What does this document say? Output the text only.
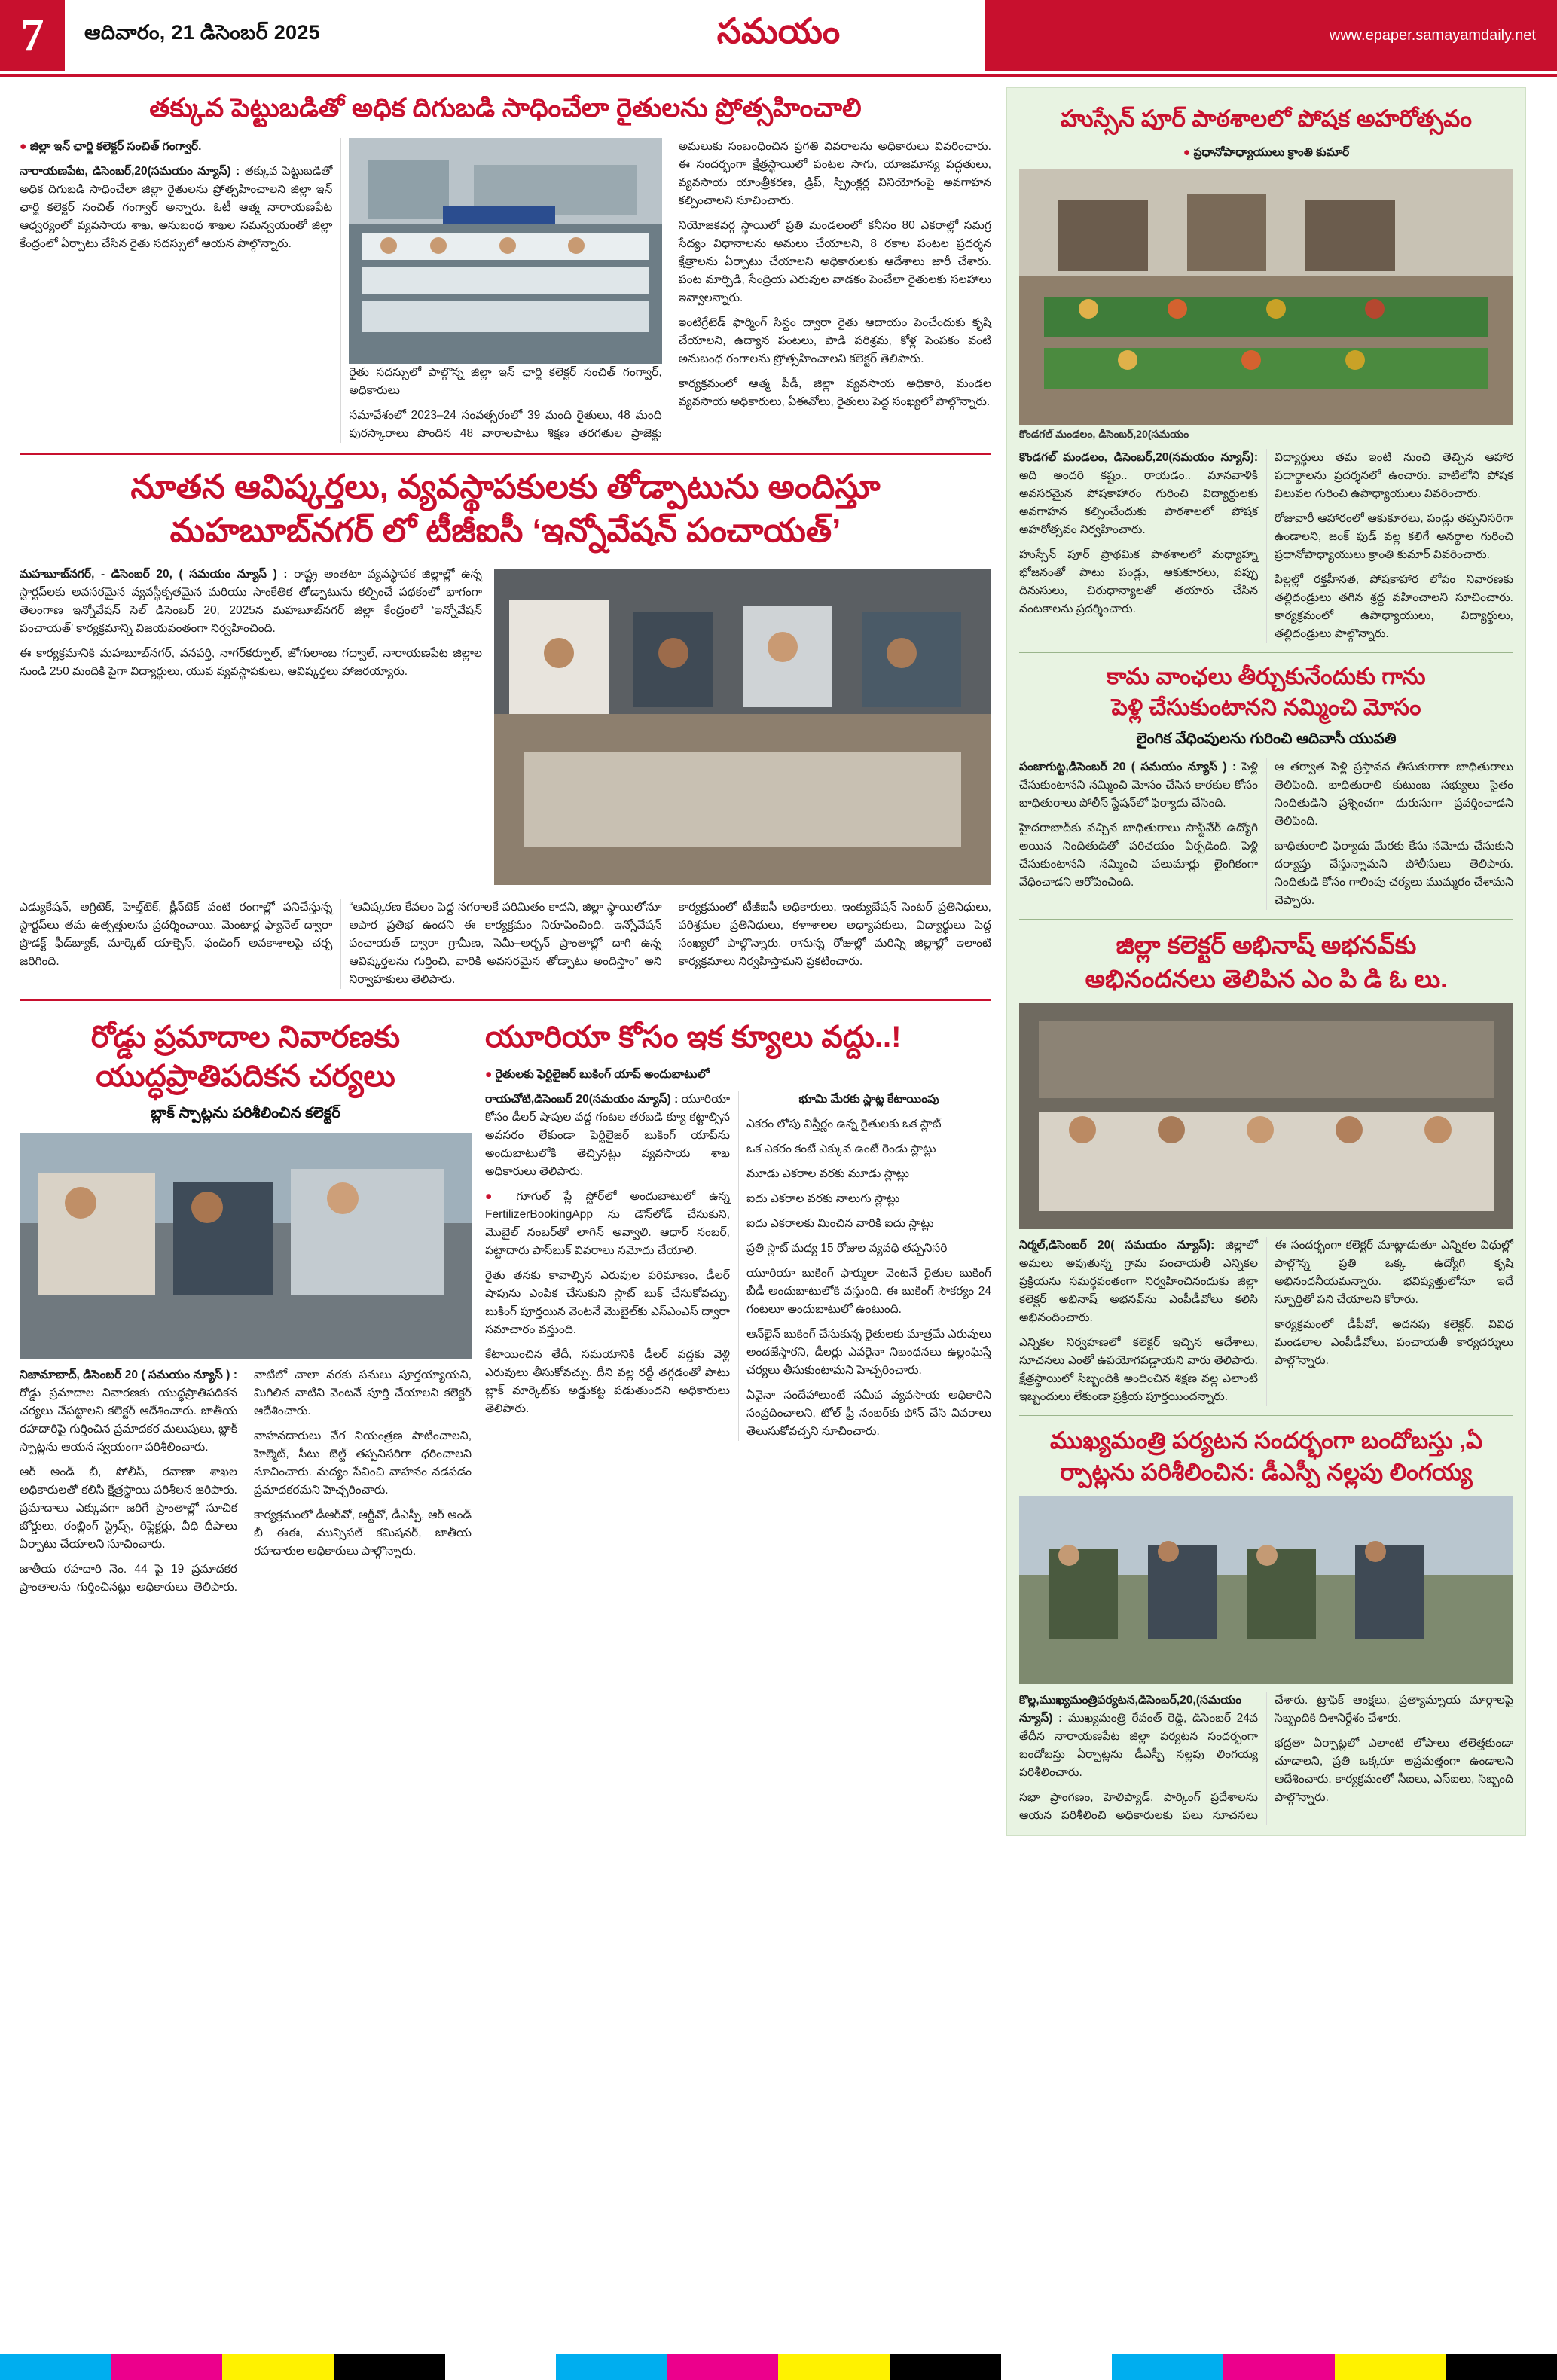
7	ఆదివారం, 21 డిసెంబర్ 2025	సమయం	www.epaper.samayamdaily.net
తక్కువ పెట్టుబడితో అధిక దిగుబడి సాధించేలా రైతులను ప్రోత్సహించాలి

● జిల్లా ఇన్ ఛార్జి కలెక్టర్ సంచిత్ గంగ్వార్.

నారాయణపేట, డిసెంబర్,20(సమయం న్యూస్) : తక్కువ పెట్టుబడితో అధిక దిగుబడి సాధించేలా జిల్లా రైతులను ప్రోత్సహించాలని జిల్లా ఇన్ ఛార్జి కలెక్టర్ సంచిత్ గంగ్వార్ అన్నారు. ఓటీ ఆత్మ నారాయణపేట ఆధ్వర్యంలో వ్యవసాయ శాఖ, అనుబంధ శాఖల సమన్వయంతో జిల్లా కేంద్రంలో ఏర్పాటు చేసిన రైతు సదస్సులో ఆయన పాల్గొన్నారు.

రైతు సదస్సులో పాల్గొన్న జిల్లా ఇన్ ఛార్జి కలెక్టర్ సంచిత్ గంగ్వార్, అధికారులు

సమావేశంలో 2023–24 సంవత్సరంలో 39 మంది రైతులు, 48 మంది పురస్కారాలు పొందిన 48 వారాలపాటు శిక్షణ తరగతుల ప్రాజెక్టు అమలుకు సంబంధించిన ప్రగతి వివరాలను అధికారులు వివరించారు. ఈ సందర్భంగా క్షేత్రస్థాయిలో పంటల సాగు, యాజమాన్య పద్ధతులు, వ్యవసాయ యాంత్రీకరణ, డ్రిప్, స్ప్రింక్లర్ల వినియోగంపై అవగాహన కల్పించాలని సూచించారు.

నియోజకవర్గ స్థాయిలో ప్రతి మండలంలో కనీసం 80 ఎకరాల్లో సమగ్ర సేద్యం విధానాలను అమలు చేయాలని, 8 రకాల పంటల ప్రదర్శన క్షేత్రాలను ఏర్పాటు చేయాలని అధికారులకు ఆదేశాలు జారీ చేశారు. పంట మార్పిడి, సేంద్రియ ఎరువుల వాడకం పెంచేలా రైతులకు సలహాలు ఇవ్వాలన్నారు.

ఇంటిగ్రేటెడ్ ఫార్మింగ్ సిస్టం ద్వారా రైతు ఆదాయం పెంచేందుకు కృషి చేయాలని, ఉద్యాన పంటలు, పాడి పరిశ్రమ, కోళ్ల పెంపకం వంటి అనుబంధ రంగాలను ప్రోత్సహించాలని కలెక్టర్ తెలిపారు.

కార్యక్రమంలో ఆత్మ పీడీ, జిల్లా వ్యవసాయ అధికారి, మండల వ్యవసాయ అధికారులు, ఏఈవోలు, రైతులు పెద్ద సంఖ్యలో పాల్గొన్నారు.

నూతన ఆవిష్కర్తలు, వ్యవస్థాపకులకు తోడ్పాటును అందిస్తూ
మహబూబ్‌నగర్ లో టీజీఐసీ ‘ఇన్నోవేషన్ పంచాయత్’

మహబూబ్‌నగర్, - డిసెంబర్ 20, ( సమయం న్యూస్ ) : రాష్ట్ర అంతటా వ్యవస్థాపక జిల్లాల్లో ఉన్న స్టార్టప్‌లకు అవసరమైన వ్యవస్థీకృతమైన మరియు సాంకేతిక తోడ్పాటును కల్పించే పథకంలో భాగంగా తెలంగాణ ఇన్నోవేషన్ సెల్ డిసెంబర్ 20, 2025న మహబూబ్‌నగర్ జిల్లా కేంద్రంలో ‘ఇన్నోవేషన్ పంచాయత్’ కార్యక్రమాన్ని విజయవంతంగా నిర్వహించింది.

ఈ కార్యక్రమానికి మహబూబ్‌నగర్, వనపర్తి, నాగర్‌కర్నూల్, జోగులాంబ గద్వాల్, నారాయణపేట జిల్లాల నుండి 250 మందికి పైగా విద్యార్థులు, యువ వ్యవస్థాపకులు, ఆవిష్కర్తలు హాజరయ్యారు.

ఎడ్యుకేషన్, అగ్రిటెక్, హెల్త్‌టెక్, క్లీన్‌టెక్ వంటి రంగాల్లో పనిచేస్తున్న స్టార్టప్‌లు తమ ఉత్పత్తులను ప్రదర్శించాయి. మెంటార్ల ఫ్యానెల్ ద్వారా ప్రొడక్ట్ ఫీడ్‌బ్యాక్, మార్కెట్ యాక్సెస్, ఫండింగ్ అవకాశాలపై చర్చ జరిగింది.

“ఆవిష్కరణ కేవలం పెద్ద నగరాలకే పరిమితం కాదని, జిల్లా స్థాయిలోనూ అపార ప్రతిభ ఉందని ఈ కార్యక్రమం నిరూపించింది. ఇన్నోవేషన్ పంచాయత్ ద్వారా గ్రామీణ, సెమీ–అర్బన్ ప్రాంతాల్లో దాగి ఉన్న ఆవిష్కర్తలను గుర్తించి, వారికి అవసరమైన తోడ్పాటు అందిస్తాం” అని నిర్వాహకులు తెలిపారు.

కార్యక్రమంలో టీజీఐసీ అధికారులు, ఇంక్యుబేషన్ సెంటర్ ప్రతినిధులు, పరిశ్రమల ప్రతినిధులు, కళాశాలల అధ్యాపకులు, విద్యార్థులు పెద్ద సంఖ్యలో పాల్గొన్నారు. రానున్న రోజుల్లో మరిన్ని జిల్లాల్లో ఇలాంటి కార్యక్రమాలు నిర్వహిస్తామని ప్రకటించారు.

రోడ్డు ప్రమాదాల నివారణకు
యుద్ధప్రాతిపదికన చర్యలు
బ్లాక్ స్పాట్లను పరిశీలించిన కలెక్టర్

నిజామాబాద్, డిసెంబర్ 20 ( సమయం న్యూస్ ) : రోడ్డు ప్రమాదాల నివారణకు యుద్ధప్రాతిపదికన చర్యలు చేపట్టాలని కలెక్టర్ ఆదేశించారు. జాతీయ రహదారిపై గుర్తించిన ప్రమాదకర మలుపులు, బ్లాక్ స్పాట్లను ఆయన స్వయంగా పరిశీలించారు.

ఆర్ అండ్ బీ, పోలీస్, రవాణా శాఖల అధికారులతో కలిసి క్షేత్రస్థాయి పరిశీలన జరిపారు. ప్రమాదాలు ఎక్కువగా జరిగే ప్రాంతాల్లో సూచిక బోర్డులు, రంబ్లింగ్ స్ట్రిప్స్, రిఫ్లెక్టర్లు, వీధి దీపాలు ఏర్పాటు చేయాలని సూచించారు.

జాతీయ రహదారి నెం. 44 పై 19 ప్రమాదకర ప్రాంతాలను గుర్తించినట్లు అధికారులు తెలిపారు. వాటిలో చాలా వరకు పనులు పూర్తయ్యాయని, మిగిలిన వాటిని వెంటనే పూర్తి చేయాలని కలెక్టర్ ఆదేశించారు.

వాహనదారులు వేగ నియంత్రణ పాటించాలని, హెల్మెట్, సీటు బెల్ట్ తప్పనిసరిగా ధరించాలని సూచించారు. మద్యం సేవించి వాహనం నడపడం ప్రమాదకరమని హెచ్చరించారు.

కార్యక్రమంలో డీఆర్‌వో, ఆర్టీవో, డీఎస్పీ, ఆర్ అండ్ బీ ఈఈ, మున్సిపల్ కమిషనర్, జాతీయ రహదారుల అధికారులు పాల్గొన్నారు.

యూరియా కోసం ఇక క్యూలు వద్దు..!

● రైతులకు ఫెర్టిలైజర్ బుకింగ్ యాప్ అందుబాటులో

రాయచోటి,డిసెంబర్ 20(సమయం న్యూస్) : యూరియా కోసం డీలర్ షాపుల వద్ద గంటల తరబడి క్యూ కట్టాల్సిన అవసరం లేకుండా ఫెర్టిలైజర్ బుకింగ్ యాప్‌ను అందుబాటులోకి తెచ్చినట్లు వ్యవసాయ శాఖ అధికారులు తెలిపారు.

● గూగుల్ ప్లే స్టోర్‌లో అందుబాటులో ఉన్న FertilizerBookingApp ను డౌన్‌లోడ్ చేసుకుని, మొబైల్ నంబర్‌తో లాగిన్ అవ్వాలి. ఆధార్ నంబర్, పట్టాదారు పాస్‌బుక్ వివరాలు నమోదు చేయాలి.

రైతు తనకు కావాల్సిన ఎరువుల పరిమాణం, డీలర్ షాపును ఎంపిక చేసుకుని స్లాట్ బుక్ చేసుకోవచ్చు. బుకింగ్ పూర్తయిన వెంటనే మొబైల్‌కు ఎస్ఎంఎస్ ద్వారా సమాచారం వస్తుంది.

కేటాయించిన తేదీ, సమయానికి డీలర్ వద్దకు వెళ్లి ఎరువులు తీసుకోవచ్చు. దీని వల్ల రద్దీ తగ్గడంతో పాటు బ్లాక్ మార్కెట్‌కు అడ్డుకట్ట పడుతుందని అధికారులు తెలిపారు.

భూమి మేరకు స్లాట్ల కేటాయింపు

ఎకరం లోపు విస్తీర్ణం ఉన్న రైతులకు ఒక స్లాట్

ఒక ఎకరం కంటే ఎక్కువ ఉంటే రెండు స్లాట్లు

మూడు ఎకరాల వరకు మూడు స్లాట్లు

ఐదు ఎకరాల వరకు నాలుగు స్లాట్లు

ఐదు ఎకరాలకు మించిన వారికి ఐదు స్లాట్లు

ప్రతి స్లాట్ మధ్య 15 రోజుల వ్యవధి తప్పనిసరి

యూరియా బుకింగ్ ఫార్ములా వెంటనే రైతుల బుకింగ్ బీడీ అందుబాటులోకి వస్తుంది. ఈ బుకింగ్ సౌకర్యం 24 గంటలూ అందుబాటులో ఉంటుంది.

ఆన్‌లైన్ బుకింగ్ చేసుకున్న రైతులకు మాత్రమే ఎరువులు అందజేస్తారని, డీలర్లు ఎవరైనా నిబంధనలు ఉల్లంఘిస్తే చర్యలు తీసుకుంటామని హెచ్చరించారు.

ఏవైనా సందేహాలుంటే సమీప వ్యవసాయ అధికారిని సంప్రదించాలని, టోల్ ఫ్రీ నంబర్‌కు ఫోన్ చేసి వివరాలు తెలుసుకోవచ్చని సూచించారు.

హుస్సేన్ పూర్ పాఠశాలలో పోషక అహరోత్సవం

● ప్రధానోపాధ్యాయులు క్రాంతి కుమార్

కొండగల్ మండలం, డిసెంబర్,20(సమయం

కొండగల్ మండలం, డిసెంబర్,20(సమయం న్యూస్): అది అందరి కష్టం.. రాయడం.. మానవాళికి అవసరమైన పోషకాహారం గురించి విద్యార్థులకు అవగాహన కల్పించేందుకు పాఠశాలలో పోషక అహరోత్సవం నిర్వహించారు.

హుస్సేన్ పూర్ ప్రాథమిక పాఠశాలలో మధ్యాహ్న భోజనంతో పాటు పండ్లు, ఆకుకూరలు, పప్పు దినుసులు, చిరుధాన్యాలతో తయారు చేసిన వంటకాలను ప్రదర్శించారు.

విద్యార్థులు తమ ఇంటి నుంచి తెచ్చిన ఆహార పదార్థాలను ప్రదర్శనలో ఉంచారు. వాటిలోని పోషక విలువల గురించి ఉపాధ్యాయులు వివరించారు.

రోజువారీ ఆహారంలో ఆకుకూరలు, పండ్లు తప్పనిసరిగా ఉండాలని, జంక్ ఫుడ్ వల్ల కలిగే అనర్థాల గురించి ప్రధానోపాధ్యాయులు క్రాంతి కుమార్ వివరించారు.

పిల్లల్లో రక్తహీనత, పోషకాహార లోపం నివారణకు తల్లిదండ్రులు తగిన శ్రద్ధ వహించాలని సూచించారు. కార్యక్రమంలో ఉపాధ్యాయులు, విద్యార్థులు, తల్లిదండ్రులు పాల్గొన్నారు.

కామ వాంఛలు తీర్చుకునేందుకు గాను
పెళ్లి చేసుకుంటానని నమ్మించి మోసం
లైంగిక వేధింపులను గురించి ఆదివాసీ యువతి

పంజాగుట్ట,డిసెంబర్ 20 ( సమయం న్యూస్ ) : పెళ్లి చేసుకుంటానని నమ్మించి మోసం చేసిన కారకుల కోసం బాధితురాలు పోలీస్ స్టేషన్‌లో ఫిర్యాదు చేసింది.

హైదరాబాద్‌కు వచ్చిన బాధితురాలు సాఫ్ట్‌వేర్ ఉద్యోగి అయిన నిందితుడితో పరిచయం ఏర్పడింది. పెళ్లి చేసుకుంటానని నమ్మించి పలుమార్లు లైంగికంగా వేధించాడని ఆరోపించింది.

ఆ తర్వాత పెళ్లి ప్రస్తావన తీసుకురాగా బాధితురాలు తెలిపింది. బాధితురాలి కుటుంబ సభ్యులు సైతం నిందితుడిని ప్రశ్నించగా దురుసుగా ప్రవర్తించాడని తెలిపింది.

బాధితురాలి ఫిర్యాదు మేరకు కేసు నమోదు చేసుకుని దర్యాప్తు చేస్తున్నామని పోలీసులు తెలిపారు. నిందితుడి కోసం గాలింపు చర్యలు ముమ్మరం చేశామని చెప్పారు.

జిల్లా కలెక్టర్ అభినాష్ అభనవ్‌కు
అభినందనలు తెలిపిన ఎం పి డి ఓ లు.

నిర్మల్,డిసెంబర్ 20( సమయం న్యూస్): జిల్లాలో అమలు అవుతున్న గ్రామ పంచాయతీ ఎన్నికల ప్రక్రియను సమర్థవంతంగా నిర్వహించినందుకు జిల్లా కలెక్టర్ అభినాష్ అభనవ్‌ను ఎంపీడీవోలు కలిసి అభినందించారు.

ఎన్నికల నిర్వహణలో కలెక్టర్ ఇచ్చిన ఆదేశాలు, సూచనలు ఎంతో ఉపయోగపడ్డాయని వారు తెలిపారు. క్షేత్రస్థాయిలో సిబ్బందికి అందించిన శిక్షణ వల్ల ఎలాంటి ఇబ్బందులు లేకుండా ప్రక్రియ పూర్తయిందన్నారు.

ఈ సందర్భంగా కలెక్టర్ మాట్లాడుతూ ఎన్నికల విధుల్లో పాల్గొన్న ప్రతి ఒక్క ఉద్యోగి కృషి అభినందనీయమన్నారు. భవిష్యత్తులోనూ ఇదే స్ఫూర్తితో పని చేయాలని కోరారు.

కార్యక్రమంలో డీపీవో, అదనపు కలెక్టర్, వివిధ మండలాల ఎంపీడీవోలు, పంచాయతీ కార్యదర్శులు పాల్గొన్నారు.

ముఖ్యమంత్రి పర్యటన సందర్భంగా బందోబస్తు ,ఏ
ర్పాట్లను పరిశీలించిన: డీఎస్పీ నల్లపు లింగయ్య

కొల్ల,ముఖ్యమంత్రిపర్యటన,డిసెంబర్,20,(సమయం న్యూస్) : ముఖ్యమంత్రి రేవంత్ రెడ్డి, డిసెంబర్ 24వ తేదీన నారాయణపేట జిల్లా పర్యటన సందర్భంగా బందోబస్తు ఏర్పాట్లను డీఎస్పీ నల్లపు లింగయ్య పరిశీలించారు.

సభా ప్రాంగణం, హెలిప్యాడ్, పార్కింగ్ ప్రదేశాలను ఆయన పరిశీలించి అధికారులకు పలు సూచనలు చేశారు. ట్రాఫిక్ ఆంక్షలు, ప్రత్యామ్నాయ మార్గాలపై సిబ్బందికి దిశానిర్దేశం చేశారు.

భద్రతా ఏర్పాట్లలో ఎలాంటి లోపాలు తలెత్తకుండా చూడాలని, ప్రతి ఒక్కరూ అప్రమత్తంగా ఉండాలని ఆదేశించారు. కార్యక్రమంలో సీఐలు, ఎస్ఐలు, సిబ్బంది పాల్గొన్నారు.
